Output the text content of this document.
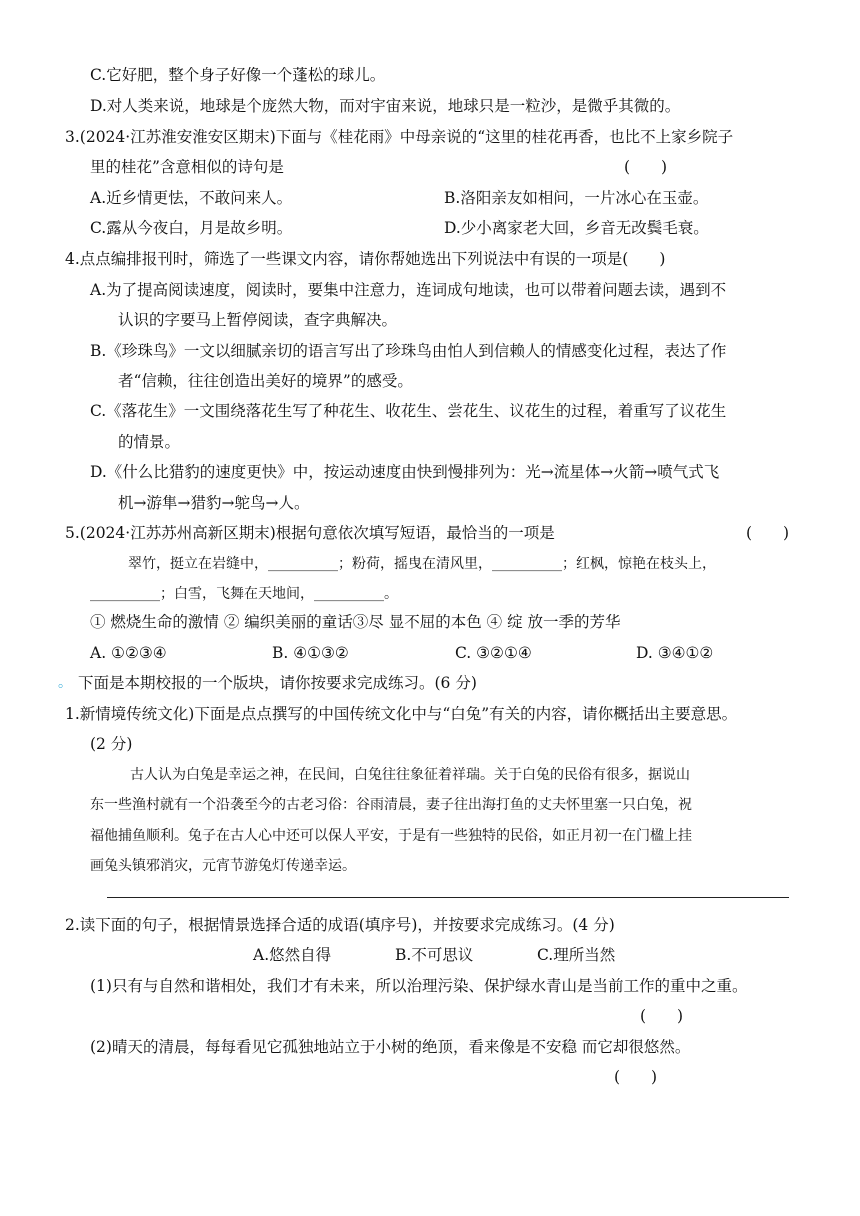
C.它好肥，整个身子好像一个蓬松的球儿。
D.对人类来说，地球是个庞然大物，而对宇宙来说，地球只是一粒沙，是微乎其微的。
3.(2024·江苏淮安淮安区期末)下面与《桂花雨》中母亲说的“这里的桂花再香，也比不上家乡院子
里的桂花”含意相似的诗句是	(　　)
A.近乡情更怯，不敢问来人。	B.洛阳亲友如相问，一片冰心在玉壶。
C.露从今夜白，月是故乡明。	D.少小离家老大回，乡音无改鬓毛衰。
4.点点编排报刊时，筛选了一些课文内容，请你帮她选出下列说法中有误的一项是(　　)
A.为了提高阅读速度，阅读时，要集中注意力，连词成句地读，也可以带着问题去读，遇到不
认识的字要马上暂停阅读，查字典解决。
B.《珍珠鸟》一文以细腻亲切的语言写出了珍珠鸟由怕人到信赖人的情感变化过程，表达了作
者“信赖，往往创造出美好的境界”的感受。
C.《落花生》一文围绕落花生写了种花生、收花生、尝花生、议花生的过程，着重写了议花生
的情景。
D.《什么比猎豹的速度更快》中，按运动速度由快到慢排列为：光→流星体→火箭→喷气式飞
机→游隼→猎豹→鸵鸟→人。
5.(2024·江苏苏州高新区期末)根据句意依次填写短语，最恰当的一项是	(　　)
翠竹，挺立在岩缝中，__________；粉荷，摇曳在清风里，__________；红枫，惊艳在枝头上，
__________；白雪，飞舞在天地间，__________。
① 燃烧生命的激情 ② 编织美丽的童话③尽 显不屈的本色 ④ 绽 放一季的芳华
A. ①②③④	B. ④①③②	C. ③②①④	D. ③④①②
。 下面是本期校报的一个版块，请你按要求完成练习。(6 分)
1.新情境传统文化)下面是点点撰写的中国传统文化中与“白兔”有关的内容，请你概括出主要意思。
(2 分)
古人认为白兔是幸运之神，在民间，白兔往往象征着祥瑞。关于白兔的民俗有很多，据说山
东一些渔村就有一个沿袭至今的古老习俗：谷雨清晨，妻子往出海打鱼的丈夫怀里塞一只白兔，祝
福他捕鱼顺利。兔子在古人心中还可以保人平安，于是有一些独特的民俗，如正月初一在门楹上挂
画兔头镇邪消灾，元宵节游兔灯传递幸运。
2.读下面的句子，根据情景选择合适的成语(填序号)，并按要求完成练习。(4 分)
A.悠然自得	B.不可思议	C.理所当然
(1)只有与自然和谐相处，我们才有未来，所以治理污染、保护绿水青山是当前工作的重中之重。
(　　)
(2)晴天的清晨，每每看见它孤独地站立于小树的绝顶，看来像是不安稳 而它却很悠然。
(　　)
